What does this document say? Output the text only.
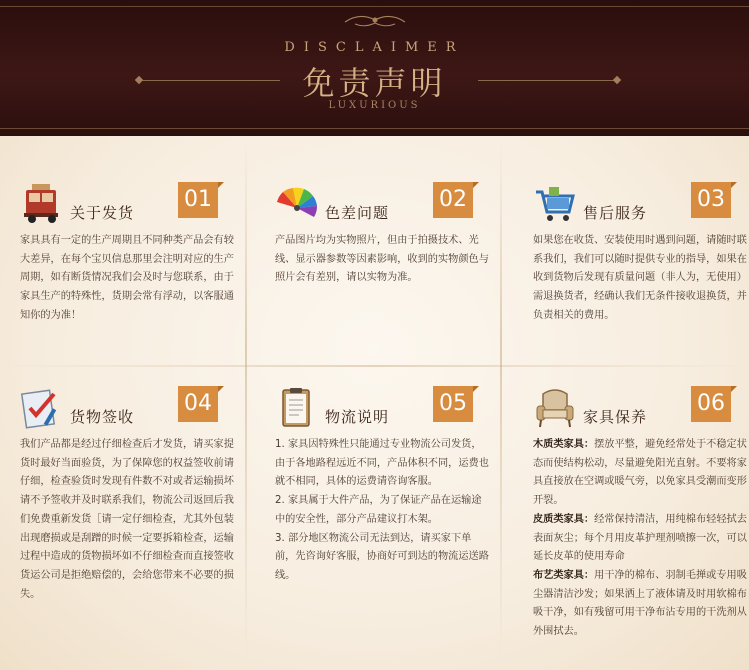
DISCLAIMER
免责声明
LUXURIOUS
关于发货
01

家具具有一定的生产周期且不同种类产品会有较大差异，在每个宝贝信息那里会注明对应的生产周期，如有断货情况我们会及时与您联系，由于家具生产的特殊性，货期会常有浮动，以客服通知你的为准！

色差问题
02

产品图片均为实物照片，但由于拍摄技术、光线、显示器参数等因素影响，收到的实物颜色与照片会有差别，请以实物为准。

售后服务
03

如果您在收货、安装使用时遇到问题，请随时联系我们，我们可以随时提供专业的指导，如果在收到货物后发现有质量问题（非人为，无使用）需退换货者，经确认我们无条件接收退换货，并负责相关的费用。

货物签收
04

我们产品都是经过仔细检查后才发货，请买家提货时最好当面验货，为了保障您的权益签收前请仔细，检查验货时发现有件数不对或者运输损坏请不予签收并及时联系我们，物流公司返回后我们免费重新发货［请一定仔细检查，尤其外包装出现磨损或是刮蹭的时候一定要拆箱检查，运输过程中造成的货物损坏如不仔细检查而直接签收货运公司是拒绝赔偿的，会给您带来不必要的损失。

物流说明
05

1. 家具因特殊性只能通过专业物流公司发货，由于各地路程远近不同，产品体积不同，运费也就不相同，具体的运费请咨询客服。

2. 家具属于大件产品，为了保证产品在运输途中的安全性，部分产品建议打木架。

3. 部分地区物流公司无法到达，请买家下单前，先咨询好客服，协商好可到达的物流运送路线。

家具保养
06

木质类家具：摆放平整，避免经常处于不稳定状态而使结构松动，尽量避免阳光直射。不要将家具直接放在空调或暖气旁，以免家具受潮而变形开裂。

皮质类家具：经常保持清洁，用纯棉布轻轻拭去表面灰尘；每个月用皮革护理剂喷擦一次，可以延长皮革的使用寿命

布艺类家具：用干净的棉布、羽制毛掸或专用吸尘器清洁沙发；如果洒上了液体请及时用软棉布吸干净，如有残留可用干净布沾专用的干洗剂从外围拭去。
